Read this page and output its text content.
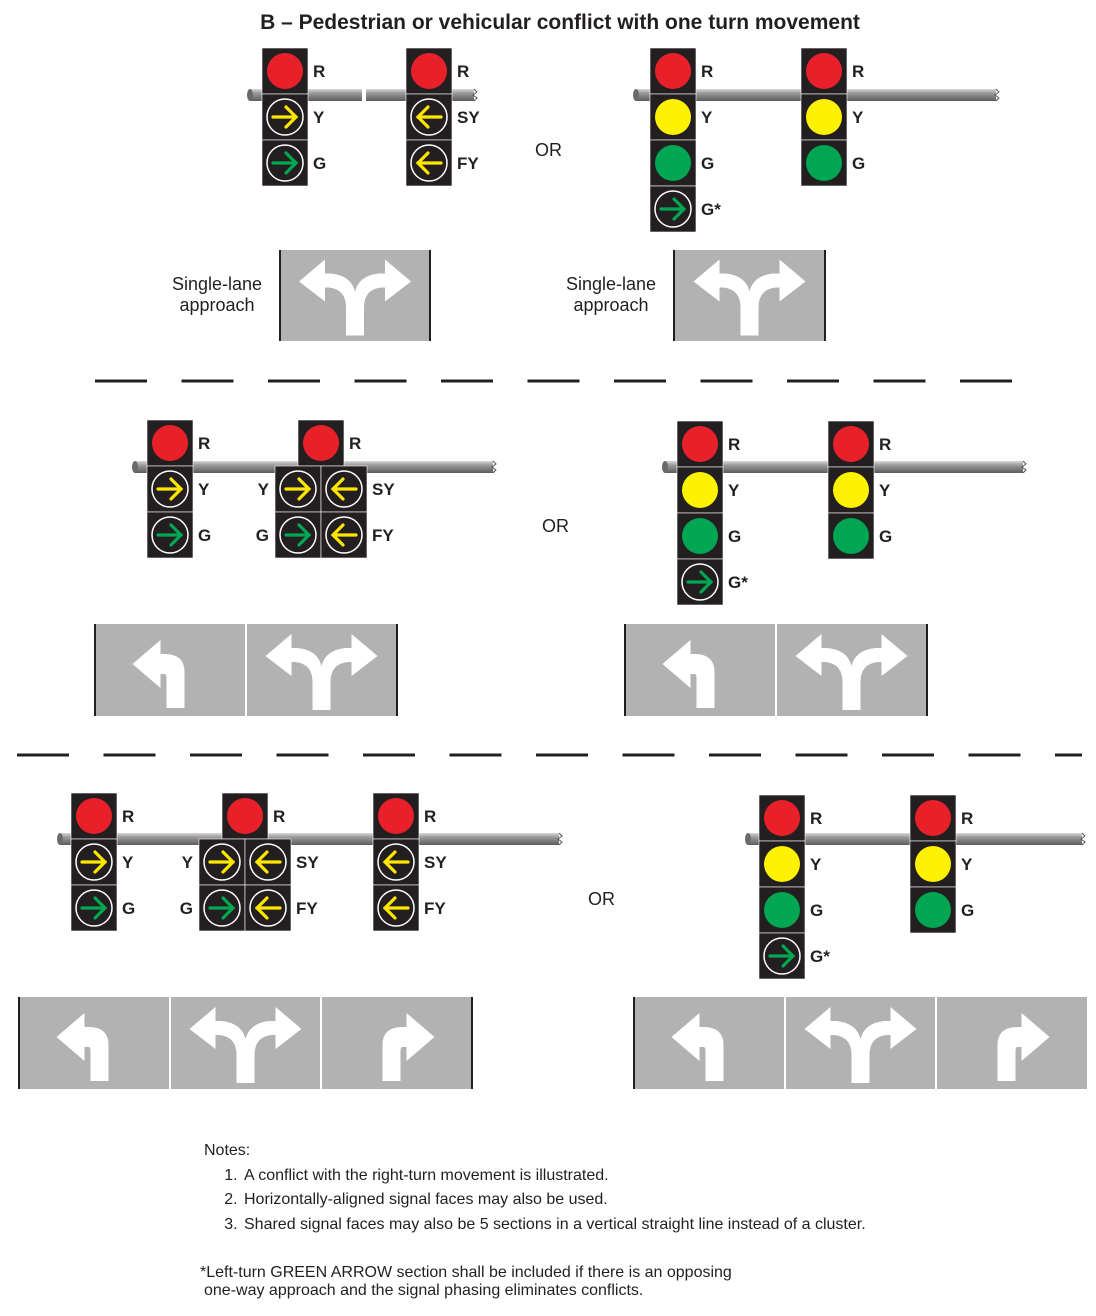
B – Pedestrian or vehicular conflict with one turn movement
R
Y
G
R
SY
FY
R
Y
G
G*
R
Y
G
R
Y
G
R
Y	SY
G	FY
R
Y
G
G*
R
Y
G
R
Y
G
R
Y	SY
G	FY
R
SY
FY
R
Y
G
G*
R
Y
G
OR
OR
OR
Single-lane
approach
Single-lane
approach
Notes:
1. A conflict with the right-turn movement is illustrated.
2. Horizontally-aligned signal faces may also be used.
3. Shared signal faces may also be 5 sections in a vertical straight line instead of a cluster.
*Left-turn GREEN ARROW section shall be included if there is an opposing
one-way approach and the signal phasing eliminates conflicts.
